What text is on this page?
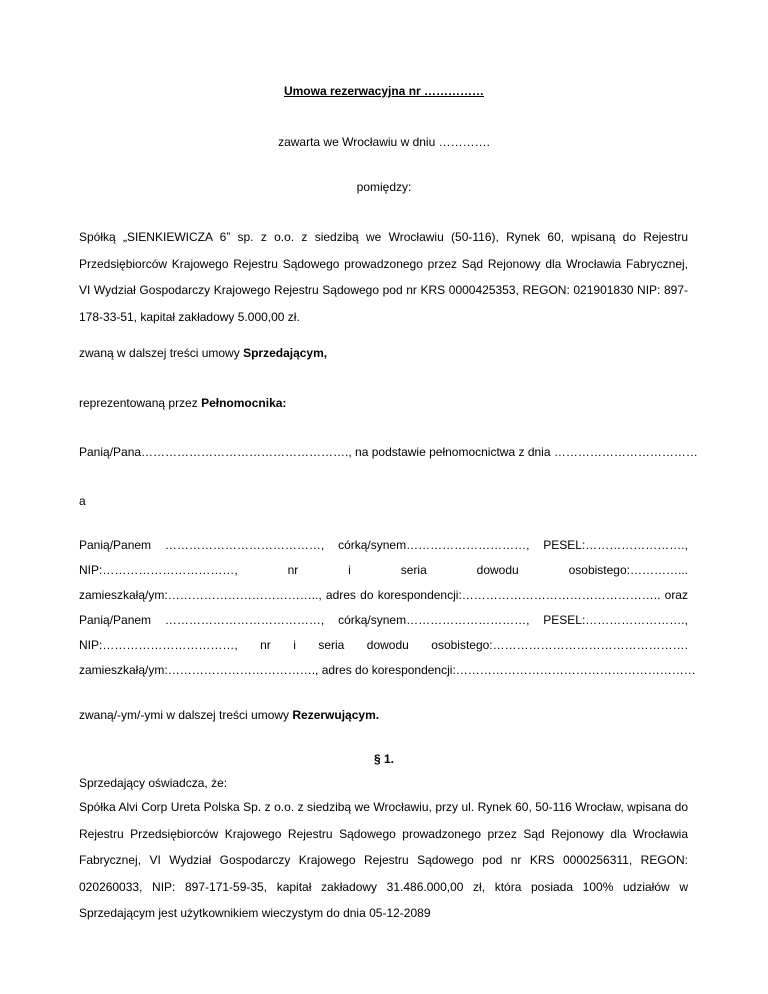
Umowa rezerwacyjna nr ……………
zawarta we Wrocławiu w dniu ………….
pomiędzy:

Spółką „SIENKIEWICZA 6” sp. z o.o. z siedzibą we Wrocławiu (50-116), Rynek 60, wpisaną do Rejestru Przedsiębiorców Krajowego Rejestru Sądowego prowadzonego przez Sąd Rejonowy dla Wrocławia Fabrycznej, VI Wydział Gospodarczy Krajowego Rejestru Sądowego pod nr KRS 0000425353, REGON: 021901830 NIP: 897-178-33-51, kapitał zakładowy 5.000,00 zł.

zwaną w dalszej treści umowy Sprzedającym,
reprezentowaną przez Pełnomocnika:
Panią/Pana……………………………………………., na podstawie pełnomocnictwa z dnia ………………………………
a
Panią/Panem …………………………………, córką/synem…………………………, PESEL:…………………….,
NIP:……………………………,	nr	i	seria	dowodu	osobistego:…………...
zamieszkałą/ym:……………………………….., adres do korespondencji:………………………………………….. oraz
Panią/Panem …………………………………, córką/synem…………………………, PESEL:…………………….,
NIP:……………………………, nr i seria dowodu osobistego:………………………………………….
zamieszkałą/ym:………………………………., adres do korespondencji:……………………………………………………
zwaną/-ym/-ymi w dalszej treści umowy Rezerwującym.
§ 1.
Sprzedający oświadcza, że:

Spółka Alvi Corp Ureta Polska Sp. z o.o. z siedzibą we Wrocławiu, przy ul. Rynek 60, 50-116 Wrocław, wpisana do Rejestru Przedsiębiorców Krajowego Rejestru Sądowego prowadzonego przez Sąd Rejonowy dla Wrocławia Fabrycznej, VI Wydział Gospodarczy Krajowego Rejestru Sądowego pod nr KRS 0000256311, REGON: 020260033, NIP: 897-171-59-35, kapitał zakładowy 31.486.000,00 zł, która posiada 100% udziałów w Sprzedającym jest użytkownikiem wieczystym do dnia 05-12-2089
